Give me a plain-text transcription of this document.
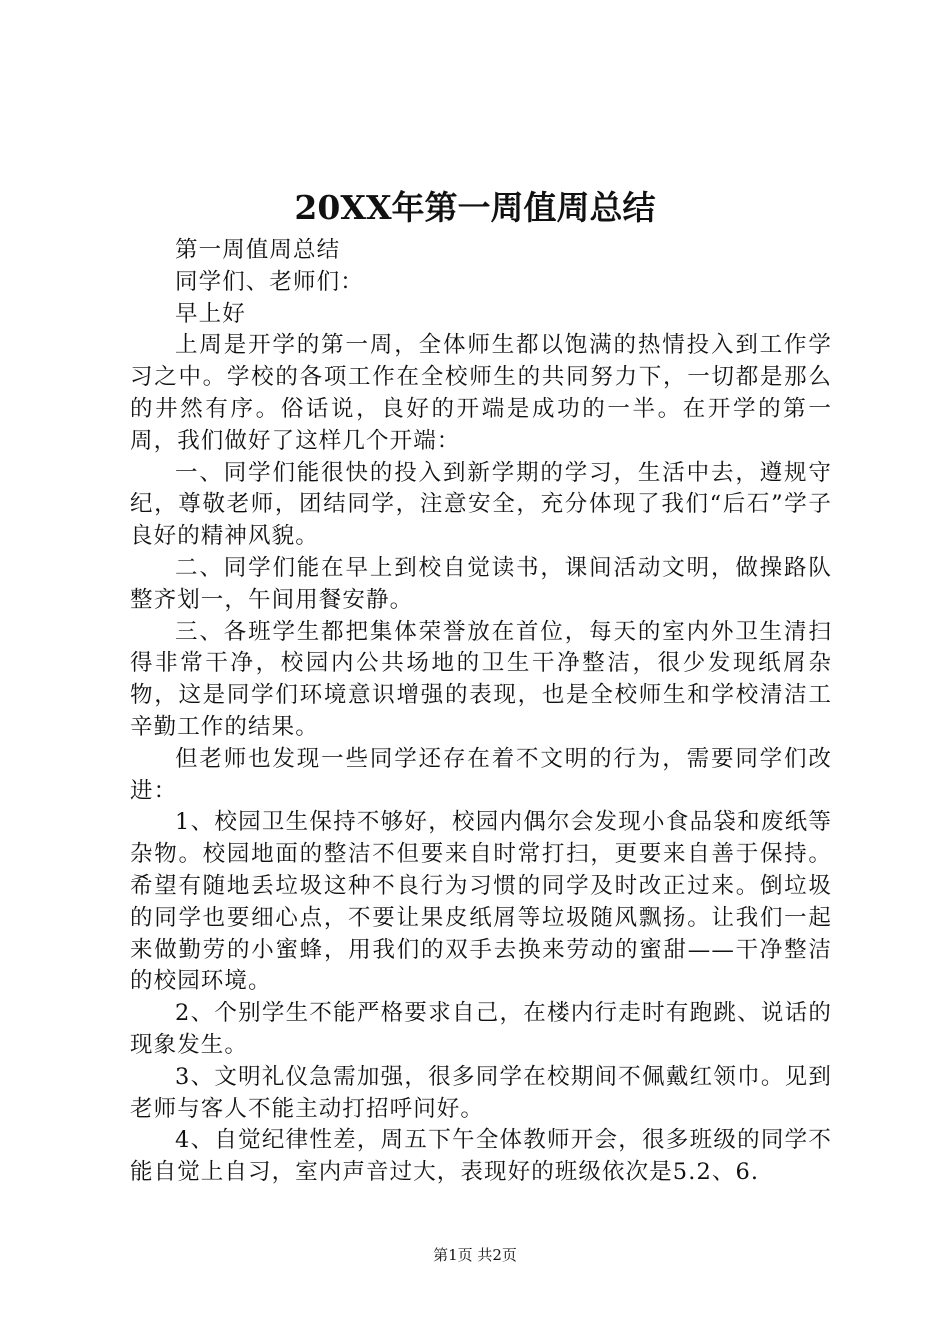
20XX年第一周值周总结

第一周值周总结

同学们、老师们：

早上好

上周是开学的第一周，全体师生都以饱满的热情投入到工作学习之中。学校的各项工作在全校师生的共同努力下，一切都是那么的井然有序。俗话说，良好的开端是成功的一半。在开学的第一周，我们做好了这样几个开端：

一、同学们能很快的投入到新学期的学习，生活中去，遵规守纪，尊敬老师，团结同学，注意安全，充分体现了我们“后石”学子良好的精神风貌。

二、同学们能在早上到校自觉读书，课间活动文明，做操路队整齐划一，午间用餐安静。

三、各班学生都把集体荣誉放在首位，每天的室内外卫生清扫得非常干净，校园内公共场地的卫生干净整洁，很少发现纸屑杂物，这是同学们环境意识增强的表现，也是全校师生和学校清洁工辛勤工作的结果。

但老师也发现一些同学还存在着不文明的行为，需要同学们改进：

1、校园卫生保持不够好，校园内偶尔会发现小食品袋和废纸等杂物。校园地面的整洁不但要来自时常打扫，更要来自善于保持。希望有随地丢垃圾这种不良行为习惯的同学及时改正过来。倒垃圾的同学也要细心点，不要让果皮纸屑等垃圾随风飘扬。让我们一起来做勤劳的小蜜蜂，用我们的双手去换来劳动的蜜甜——干净整洁的校园环境。

2、个别学生不能严格要求自己，在楼内行走时有跑跳、说话的现象发生。

3、文明礼仪急需加强，很多同学在校期间不佩戴红领巾。见到老师与客人不能主动打招呼问好。

4、自觉纪律性差，周五下午全体教师开会，很多班级的同学不能自觉上自习，室内声音过大，表现好的班级依次是5.2、6.

第1页 共2页
